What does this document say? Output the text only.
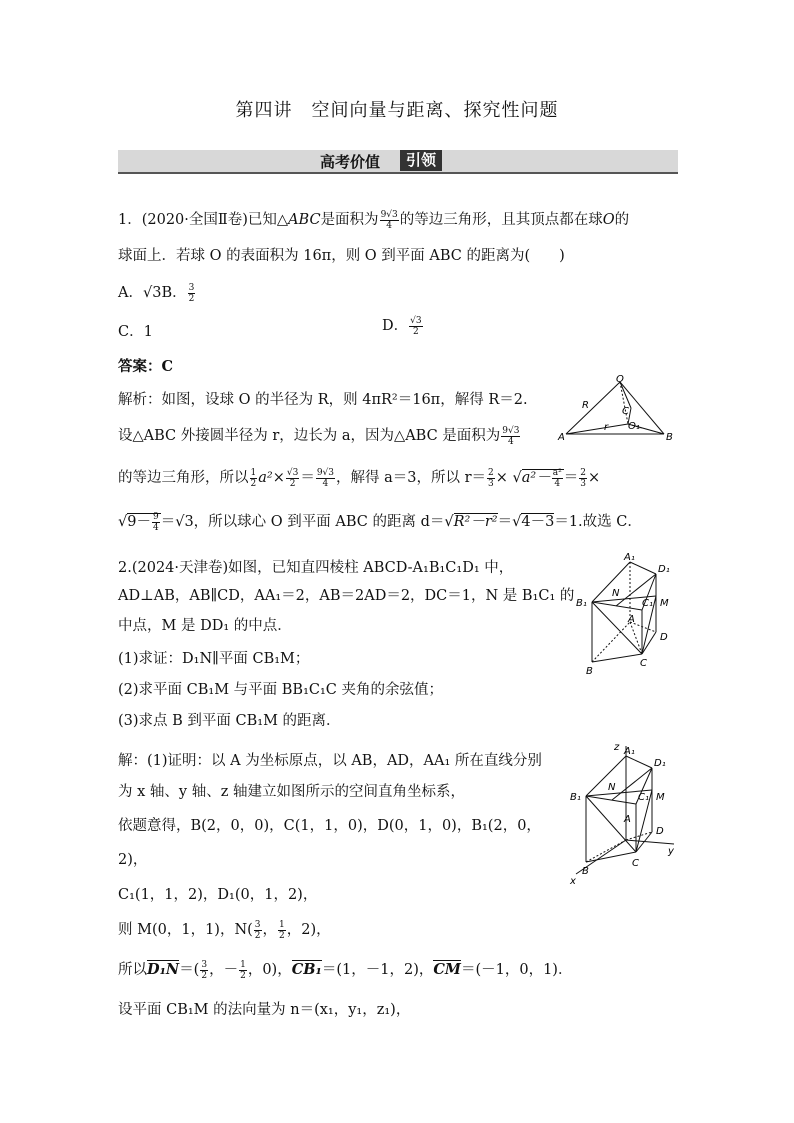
第四讲　空间向量与距离、探究性问题
高考价值	引领
1．(2020·全国Ⅱ卷)已知△ABC是面积为 $\frac{9√3}{4}$ 的等边三角形，且其顶点都在球O的
球面上．若球 O 的表面积为 16π，则 O 到平面 ABC 的距离为(　　)
A．√3B． $\frac{3}{2}$
C．1	D． $\frac{√3}{2}$
答案：C
解析：如图，设球 O 的半径为 R，则 4πR²＝16π，解得 R＝2.
设△ABC 外接圆半径为 r，边长为 a，因为△ABC 是面积为 $\frac{9√3}{4}$
的等边三角形，所以 $\frac{1}{2} a^2\times \frac{√3}{2} = \frac{9√3}{4}$ ，解得 a＝3，所以 $r= \frac{2}{3} \times √a^2- \frac{\text{a²}}{4} = \frac{2}{3}$ ×
$√9- \frac{9}{4} =√3$，所以球心 O 到平面 ABC 的距离 d＝√R²－r²＝√4－3＝1.故选 C．
O
A	B
C
R
r O₁
2.(2024·天津卷)如图，已知直四棱柱 ABCD-A₁B₁C₁D₁ 中，
AD⊥AB，AB∥CD，AA₁＝2，AB＝2AD＝2，DC＝1，N 是 B₁C₁ 的
中点，M 是 DD₁ 的中点．
(1)求证：D₁N∥平面 CB₁M；
(2)求平面 CB₁M 与平面 BB₁C₁C 夹角的余弦值；
(3)求点 B 到平面 CB₁M 的距离．
A₁
D₁
B₁
N
C₁ M
A
D
B
C
解：(1)证明：以 A 为坐标原点，以 AB，AD，AA₁ 所在直线分别
为 x 轴、y 轴、z 轴建立如图所示的空间直角坐标系，
依题意得，B(2，0，0)，C(1，1，0)，D(0，1，0)，B₁(2，0，
2)，
C₁(1，1，2)，D₁(0，1，2)，
则 M(0，1，1)，$N( \frac{3}{2}$ ， $\frac{1}{2}$ ，2)，
所以$D_1N=( \frac{3}{2}$ ，－ $\frac{1}{2}$ ，0)，CB₁＝(1，－1，2)，CM＝(－1，0，1)．
设平面 CB₁M 的法向量为 n＝(x₁，y₁，z₁)，
z
y
x
A₁
D₁
B₁
N
C₁ M
A
D
B
C
